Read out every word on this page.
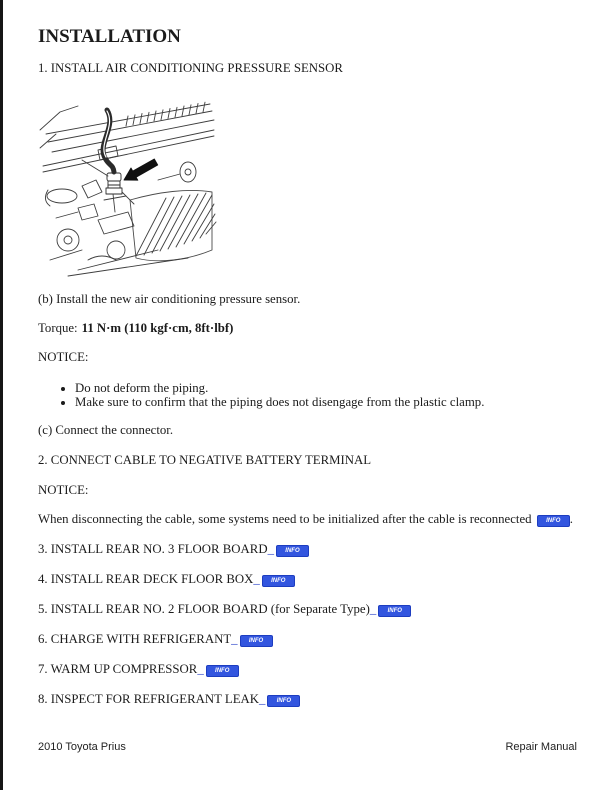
INSTALLATION
1. INSTALL AIR CONDITIONING PRESSURE SENSOR

(b) Install the new air conditioning pressure sensor.

Torque: 11 N·m (110 kgf·cm, 8ft·lbf)

NOTICE:

• Do not deform the piping.
• Make sure to confirm that the piping does not disengage from the plastic clamp.

(c) Connect the connector.

2. CONNECT CABLE TO NEGATIVE BATTERY TERMINAL

NOTICE:

When disconnecting the cable, some systems need to be initialized after the cable is reconnected INFO .

3. INSTALL REAR NO. 3 FLOOR BOARD_ INFO
4. INSTALL REAR DECK FLOOR BOX_ INFO
5. INSTALL REAR NO. 2 FLOOR BOARD (for Separate Type)_ INFO
6. CHARGE WITH REFRIGERANT_ INFO
7. WARM UP COMPRESSOR_ INFO
8. INSPECT FOR REFRIGERANT LEAK_ INFO
2010 Toyota Prius	Repair Manual
